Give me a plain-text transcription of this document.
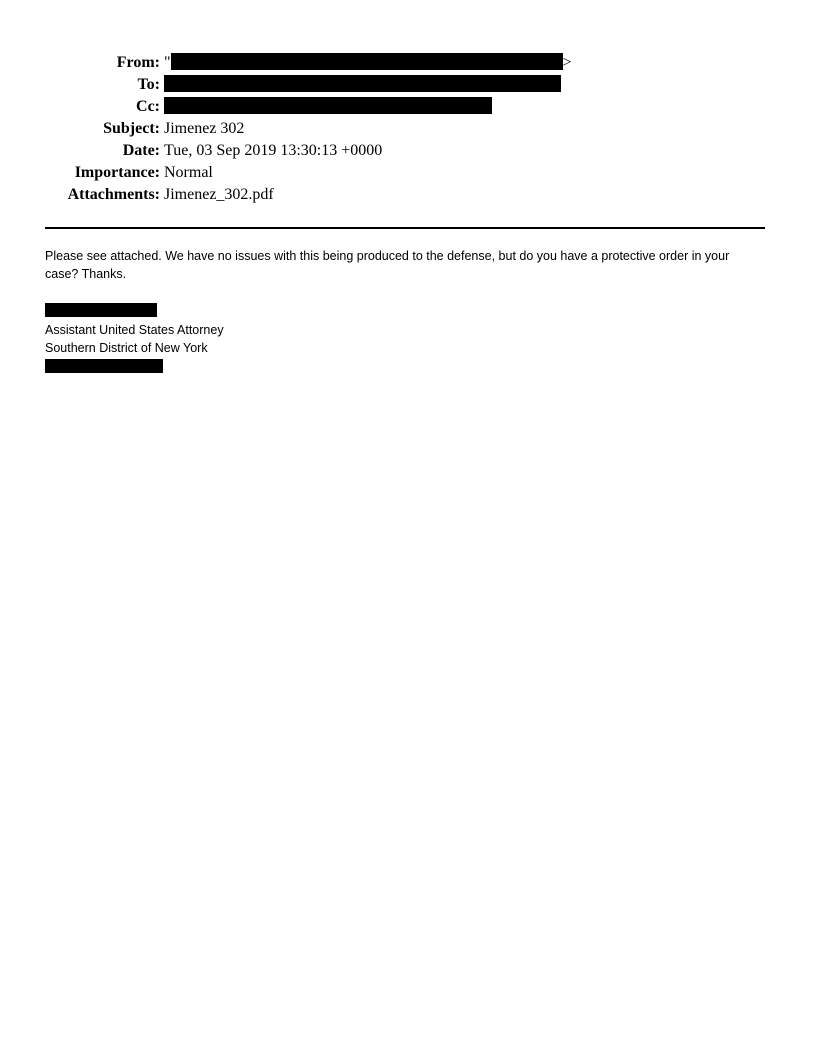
From: "	>
To:
Cc:
Subject: Jimenez 302
Date: Tue, 03 Sep 2019 13:30:13 +0000
Importance: Normal
Attachments: Jimenez_302.pdf
Please see attached. We have no issues with this being produced to the defense, but do you have a protective order in your case? Thanks.
Assistant United States Attorney
Southern District of New York
